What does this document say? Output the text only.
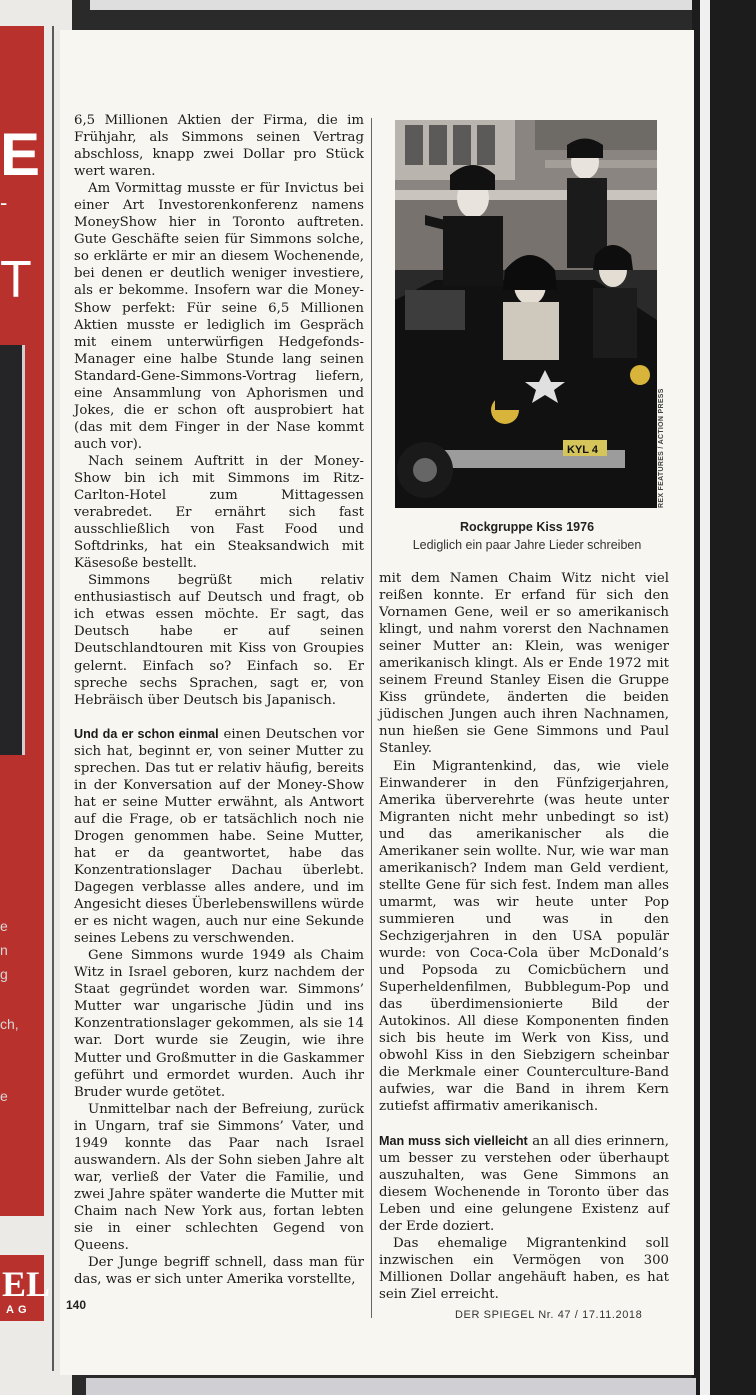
E
-
T
e
n
g
ch,
e
EL
AG

6,5 Millionen Aktien der Firma, die im Frühjahr, als Simmons seinen Vertrag abschloss, knapp zwei Dollar pro Stück wert waren.

Am Vormittag musste er für Invictus bei einer Art Investorenkonferenz namens MoneyShow hier in Toronto auftreten. Gute Geschäfte seien für Simmons solche, so erklärte er mir an diesem Wochenende, bei denen er deutlich weniger investiere, als er bekomme. Insofern war die Money-Show perfekt: Für seine 6,5 Millionen Aktien musste er lediglich im Gespräch mit einem unterwürfigen Hedgefonds-Manager eine halbe Stunde lang seinen Standard-Gene-Simmons-Vortrag liefern, eine Ansammlung von Aphorismen und Jokes, die er schon oft ausprobiert hat (das mit dem Finger in der Nase kommt auch vor).

Nach seinem Auftritt in der Money-Show bin ich mit Simmons im Ritz-Carlton-Hotel zum Mittagessen verabredet. Er ernährt sich fast ausschließlich von Fast Food und Softdrinks, hat ein Steaksandwich mit Käsesoße bestellt.

Simmons begrüßt mich relativ enthusiastisch auf Deutsch und fragt, ob ich etwas essen möchte. Er sagt, das Deutsch habe er auf seinen Deutschlandtouren mit Kiss von Groupies gelernt. Einfach so? Einfach so. Er spreche sechs Sprachen, sagt er, von Hebräisch über Deutsch bis Japanisch.

Und da er schon einmal einen Deutschen vor sich hat, beginnt er, von seiner Mutter zu sprechen. Das tut er relativ häufig, bereits in der Konversation auf der Money-Show hat er seine Mutter erwähnt, als Antwort auf die Frage, ob er tatsächlich noch nie Drogen genommen habe. Seine Mutter, hat er da geantwortet, habe das Konzentrationslager Dachau überlebt. Dagegen verblasse alles andere, und im Angesicht dieses Überlebenswillens würde er es nicht wagen, auch nur eine Sekunde seines Lebens zu verschwenden.

Gene Simmons wurde 1949 als Chaim Witz in Israel geboren, kurz nachdem der Staat gegründet worden war. Simmons’ Mutter war ungarische Jüdin und ins Konzentrationslager gekommen, als sie 14 war. Dort wurde sie Zeugin, wie ihre Mutter und Großmutter in die Gaskammer geführt und ermordet wurden. Auch ihr Bruder wurde getötet.

Unmittelbar nach der Befreiung, zurück in Ungarn, traf sie Simmons’ Vater, und 1949 konnte das Paar nach Israel auswandern. Als der Sohn sieben Jahre alt war, verließ der Vater die Familie, und zwei Jahre später wanderte die Mutter mit Chaim nach New York aus, fortan lebten sie in einer schlechten Gegend von Queens.

Der Junge begriff schnell, dass man für das, was er sich unter Amerika vorstellte,

KYL 4	REX FEATURES / ACTION PRESS
Rockgruppe Kiss 1976
Lediglich ein paar Jahre Lieder schreiben

mit dem Namen Chaim Witz nicht viel reißen konnte. Er erfand für sich den Vornamen Gene, weil er so amerikanisch klingt, und nahm vorerst den Nachnamen seiner Mutter an: Klein, was weniger amerikanisch klingt. Als er Ende 1972 mit seinem Freund Stanley Eisen die Gruppe Kiss gründete, änderten die beiden jüdischen Jungen auch ihren Nachnamen, nun hießen sie Gene Simmons und Paul Stanley.

Ein Migrantenkind, das, wie viele Einwanderer in den Fünfzigerjahren, Amerika überverehrte (was heute unter Migranten nicht mehr unbedingt so ist) und das amerikanischer als die Amerikaner sein wollte. Nur, wie war man amerikanisch? Indem man Geld verdient, stellte Gene für sich fest. Indem man alles umarmt, was wir heute unter Pop summieren und was in den Sechzigerjahren in den USA populär wurde: von Coca-Cola über McDonald’s und Popsoda zu Comicbüchern und Superheldenfilmen, Bubblegum-Pop und das überdimensionierte Bild der Autokinos. All diese Komponenten finden sich bis heute im Werk von Kiss, und obwohl Kiss in den Siebzigern scheinbar die Merkmale einer Counterculture-Band aufwies, war die Band in ihrem Kern zutiefst affirmativ amerikanisch.

Man muss sich vielleicht an all dies erinnern, um besser zu verstehen oder überhaupt auszuhalten, was Gene Simmons an diesem Wochenende in Toronto über das Leben und eine gelungene Existenz auf der Erde doziert.

Das ehemalige Migrantenkind soll inzwischen ein Vermögen von 300 Millionen Dollar angehäuft haben, es hat sein Ziel erreicht.

140
DER SPIEGEL Nr. 47 / 17.11.2018
